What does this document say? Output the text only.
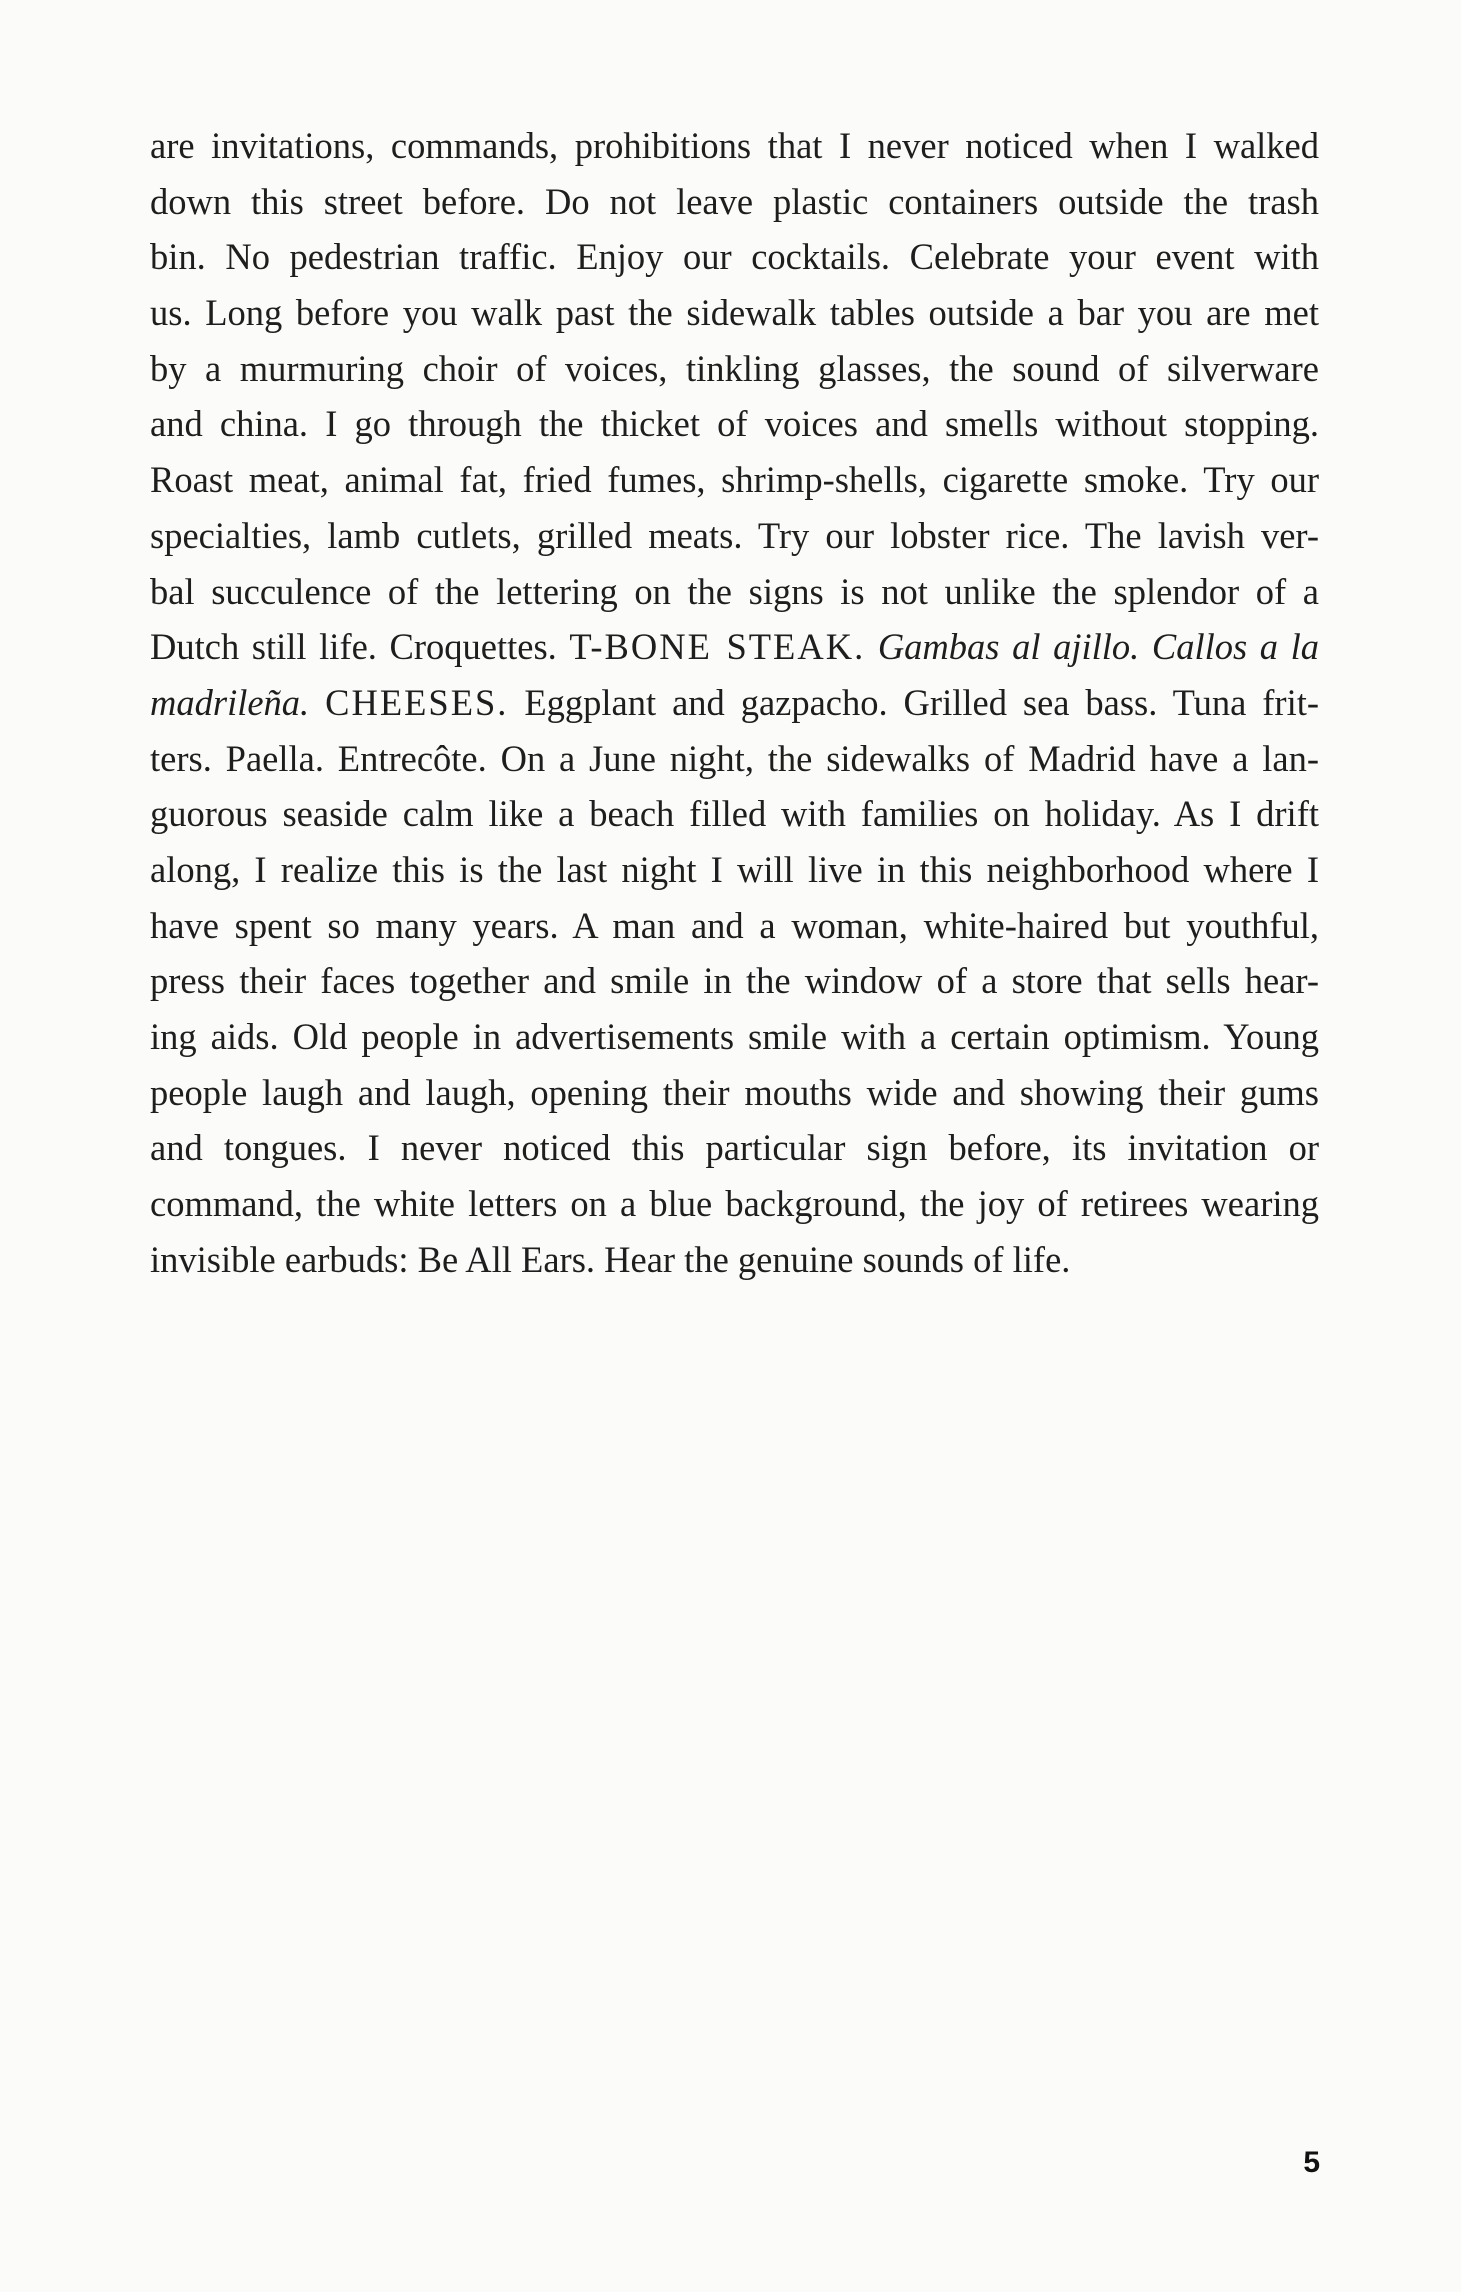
are invitations, commands, prohibitions that I never noticed when I walked
down this street before. Do not leave plastic containers outside the trash
bin. No pedestrian traffic. Enjoy our cocktails. Celebrate your event with
us. Long before you walk past the sidewalk tables outside a bar you are met
by a murmuring choir of voices, tinkling glasses, the sound of silverware
and china. I go through the thicket of voices and smells without stopping.
Roast meat, animal fat, fried fumes, shrimp-shells, cigarette smoke. Try our
specialties, lamb cutlets, grilled meats. Try our lobster rice. The lavish ver-
bal succulence of the lettering on the signs is not unlike the splendor of a
Dutch still life. Croquettes. T-BONE STEAK. Gambas al ajillo. Callos a la
madrileña. CHEESES. Eggplant and gazpacho. Grilled sea bass. Tuna frit-
ters. Paella. Entrecôte. On a June night, the sidewalks of Madrid have a lan-
guorous seaside calm like a beach filled with families on holiday. As I drift
along, I realize this is the last night I will live in this neighborhood where I
have spent so many years. A man and a woman, white-haired but youthful,
press their faces together and smile in the window of a store that sells hear-
ing aids. Old people in advertisements smile with a certain optimism. Young
people laugh and laugh, opening their mouths wide and showing their gums
and tongues. I never noticed this particular sign before, its invitation or
command, the white letters on a blue background, the joy of retirees wearing
invisible earbuds: Be All Ears. Hear the genuine sounds of life.
5
